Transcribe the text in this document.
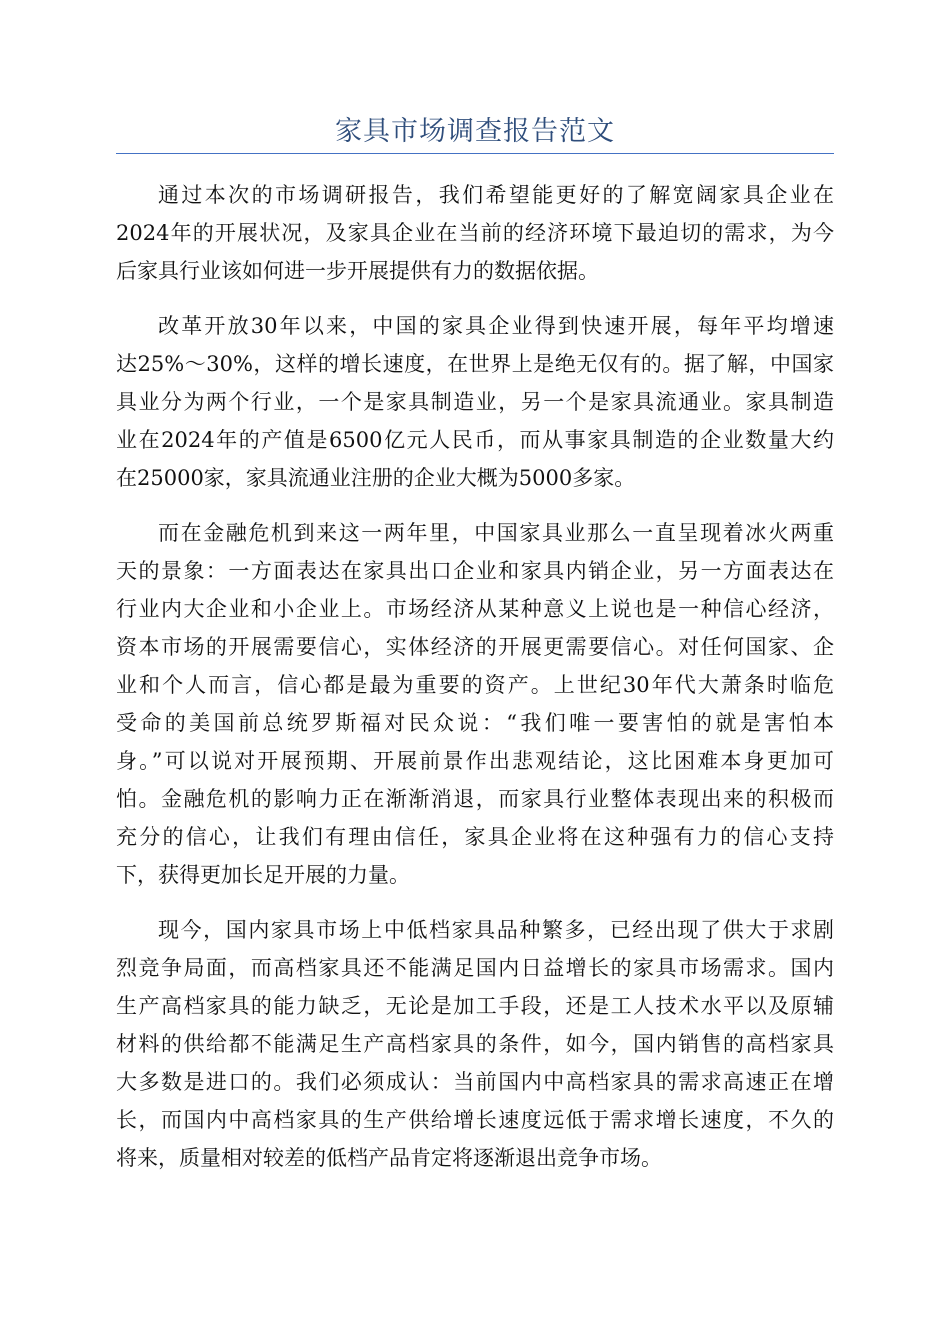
家具市场调查报告范文
通过本次的市场调研报告，我们希望能更好的了解宽阔家具企业在
2024年的开展状况，及家具企业在当前的经济环境下最迫切的需求，为今
后家具行业该如何进一步开展提供有力的数据依据。
改革开放30年以来，中国的家具企业得到快速开展，每年平均增速
达25%～30%，这样的增长速度，在世界上是绝无仅有的。据了解，中国家
具业分为两个行业，一个是家具制造业，另一个是家具流通业。家具制造
业在2024年的产值是6500亿元人民币，而从事家具制造的企业数量大约
在25000家，家具流通业注册的企业大概为5000多家。
而在金融危机到来这一两年里，中国家具业那么一直呈现着冰火两重
天的景象：一方面表达在家具出口企业和家具内销企业，另一方面表达在
行业内大企业和小企业上。市场经济从某种意义上说也是一种信心经济，
资本市场的开展需要信心，实体经济的开展更需要信心。对任何国家、企
业和个人而言，信心都是最为重要的资产。上世纪30年代大萧条时临危
受命的美国前总统罗斯福对民众说：“我们唯一要害怕的就是害怕本
身。”可以说对开展预期、开展前景作出悲观结论，这比困难本身更加可
怕。金融危机的影响力正在渐渐消退，而家具行业整体表现出来的积极而
充分的信心，让我们有理由信任，家具企业将在这种强有力的信心支持
下，获得更加长足开展的力量。
现今，国内家具市场上中低档家具品种繁多，已经出现了供大于求剧
烈竞争局面，而高档家具还不能满足国内日益增长的家具市场需求。国内
生产高档家具的能力缺乏，无论是加工手段，还是工人技术水平以及原辅
材料的供给都不能满足生产高档家具的条件，如今，国内销售的高档家具
大多数是进口的。我们必须成认：当前国内中高档家具的需求高速正在增
长，而国内中高档家具的生产供给增长速度远低于需求增长速度，不久的
将来，质量相对较差的低档产品肯定将逐渐退出竞争市场。
